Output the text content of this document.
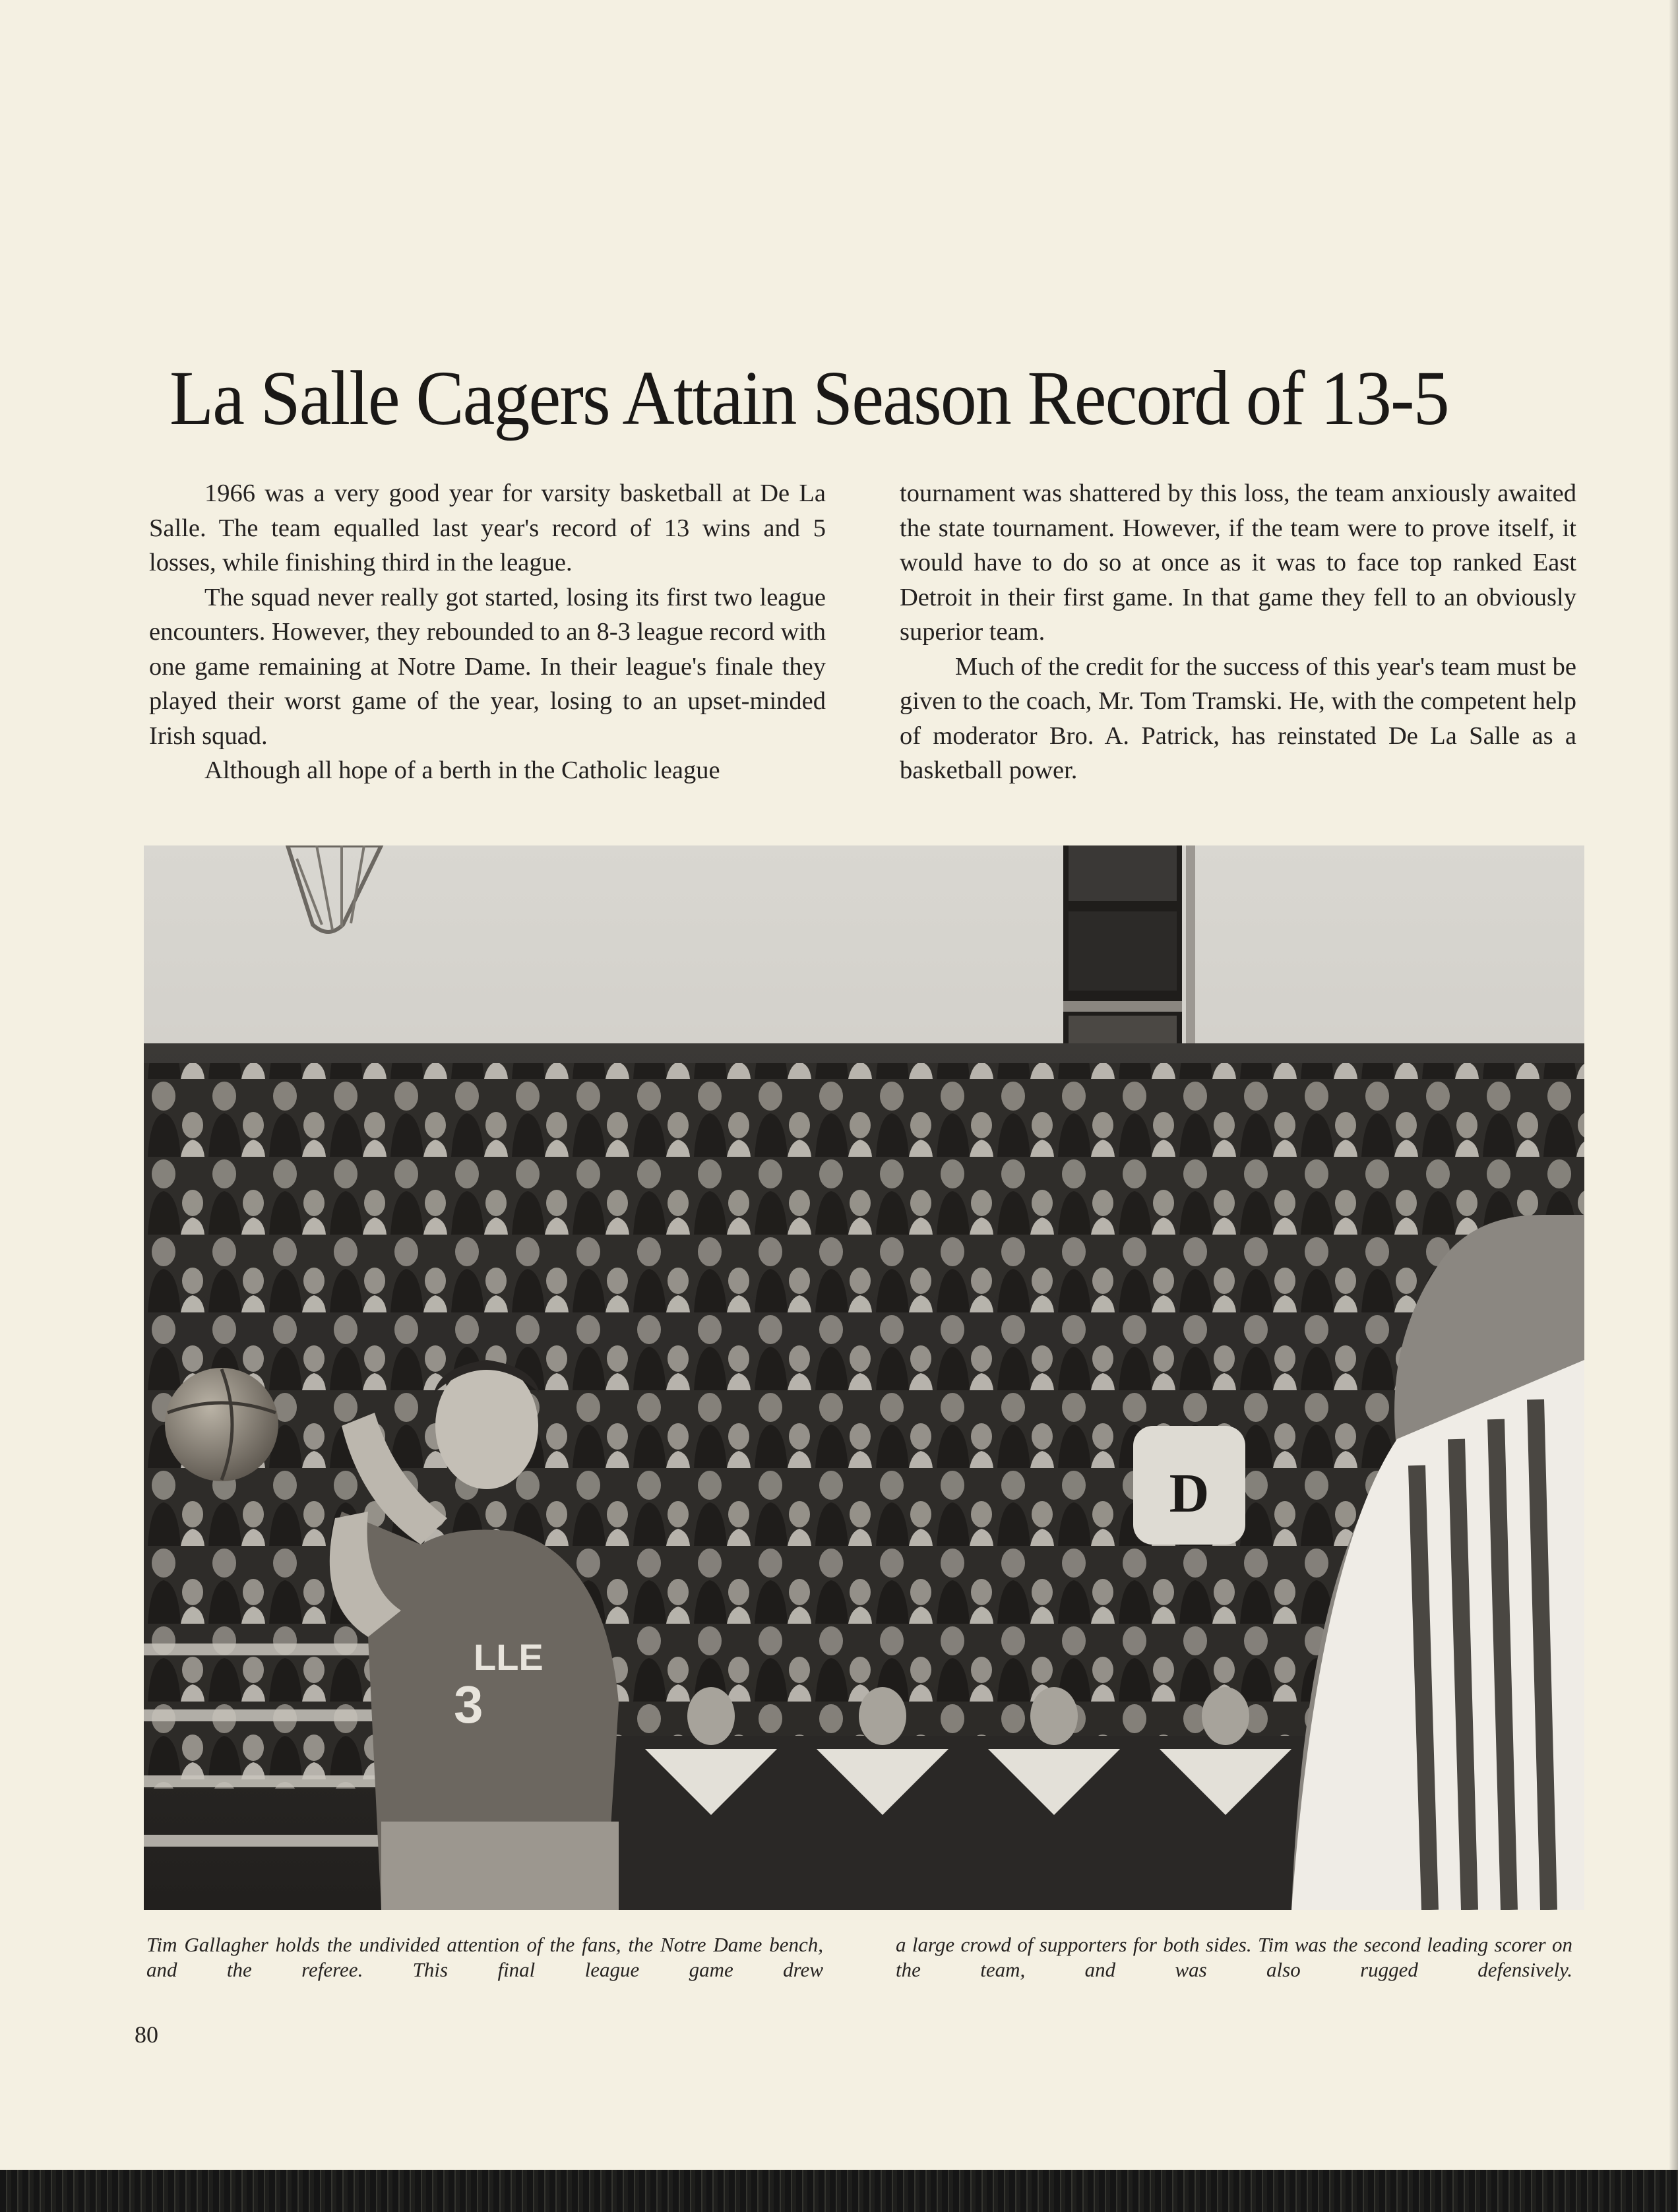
La Salle Cagers Attain Season Record of 13-5

1966 was a very good year for varsity basketball at De La Salle. The team equalled last year's record of 13 wins and 5 losses, while finishing third in the league.

The squad never really got started, losing its first two league encounters. However, they rebounded to an 8-3 league record with one game remaining at Notre Dame. In their league's finale they played their worst game of the year, losing to an upset-minded Irish squad.

Although all hope of a berth in the Catholic league

tournament was shattered by this loss, the team anxiously awaited the state tournament. However, if the team were to prove itself, it would have to do so at once as it was to face top ranked East Detroit in their first game. In that game they fell to an obviously superior team.

Much of the credit for the success of this year's team must be given to the coach, Mr. Tom Tramski. He, with the competent help of moderator Bro. A. Patrick, has reinstated De La Salle as a basketball power.

D
LLE
3

Tim Gallagher holds the undivided attention of the fans, the Notre Dame bench, and the referee. This final league game drew

a large crowd of supporters for both sides. Tim was the second leading scorer on the team, and was also rugged defensively.

80
